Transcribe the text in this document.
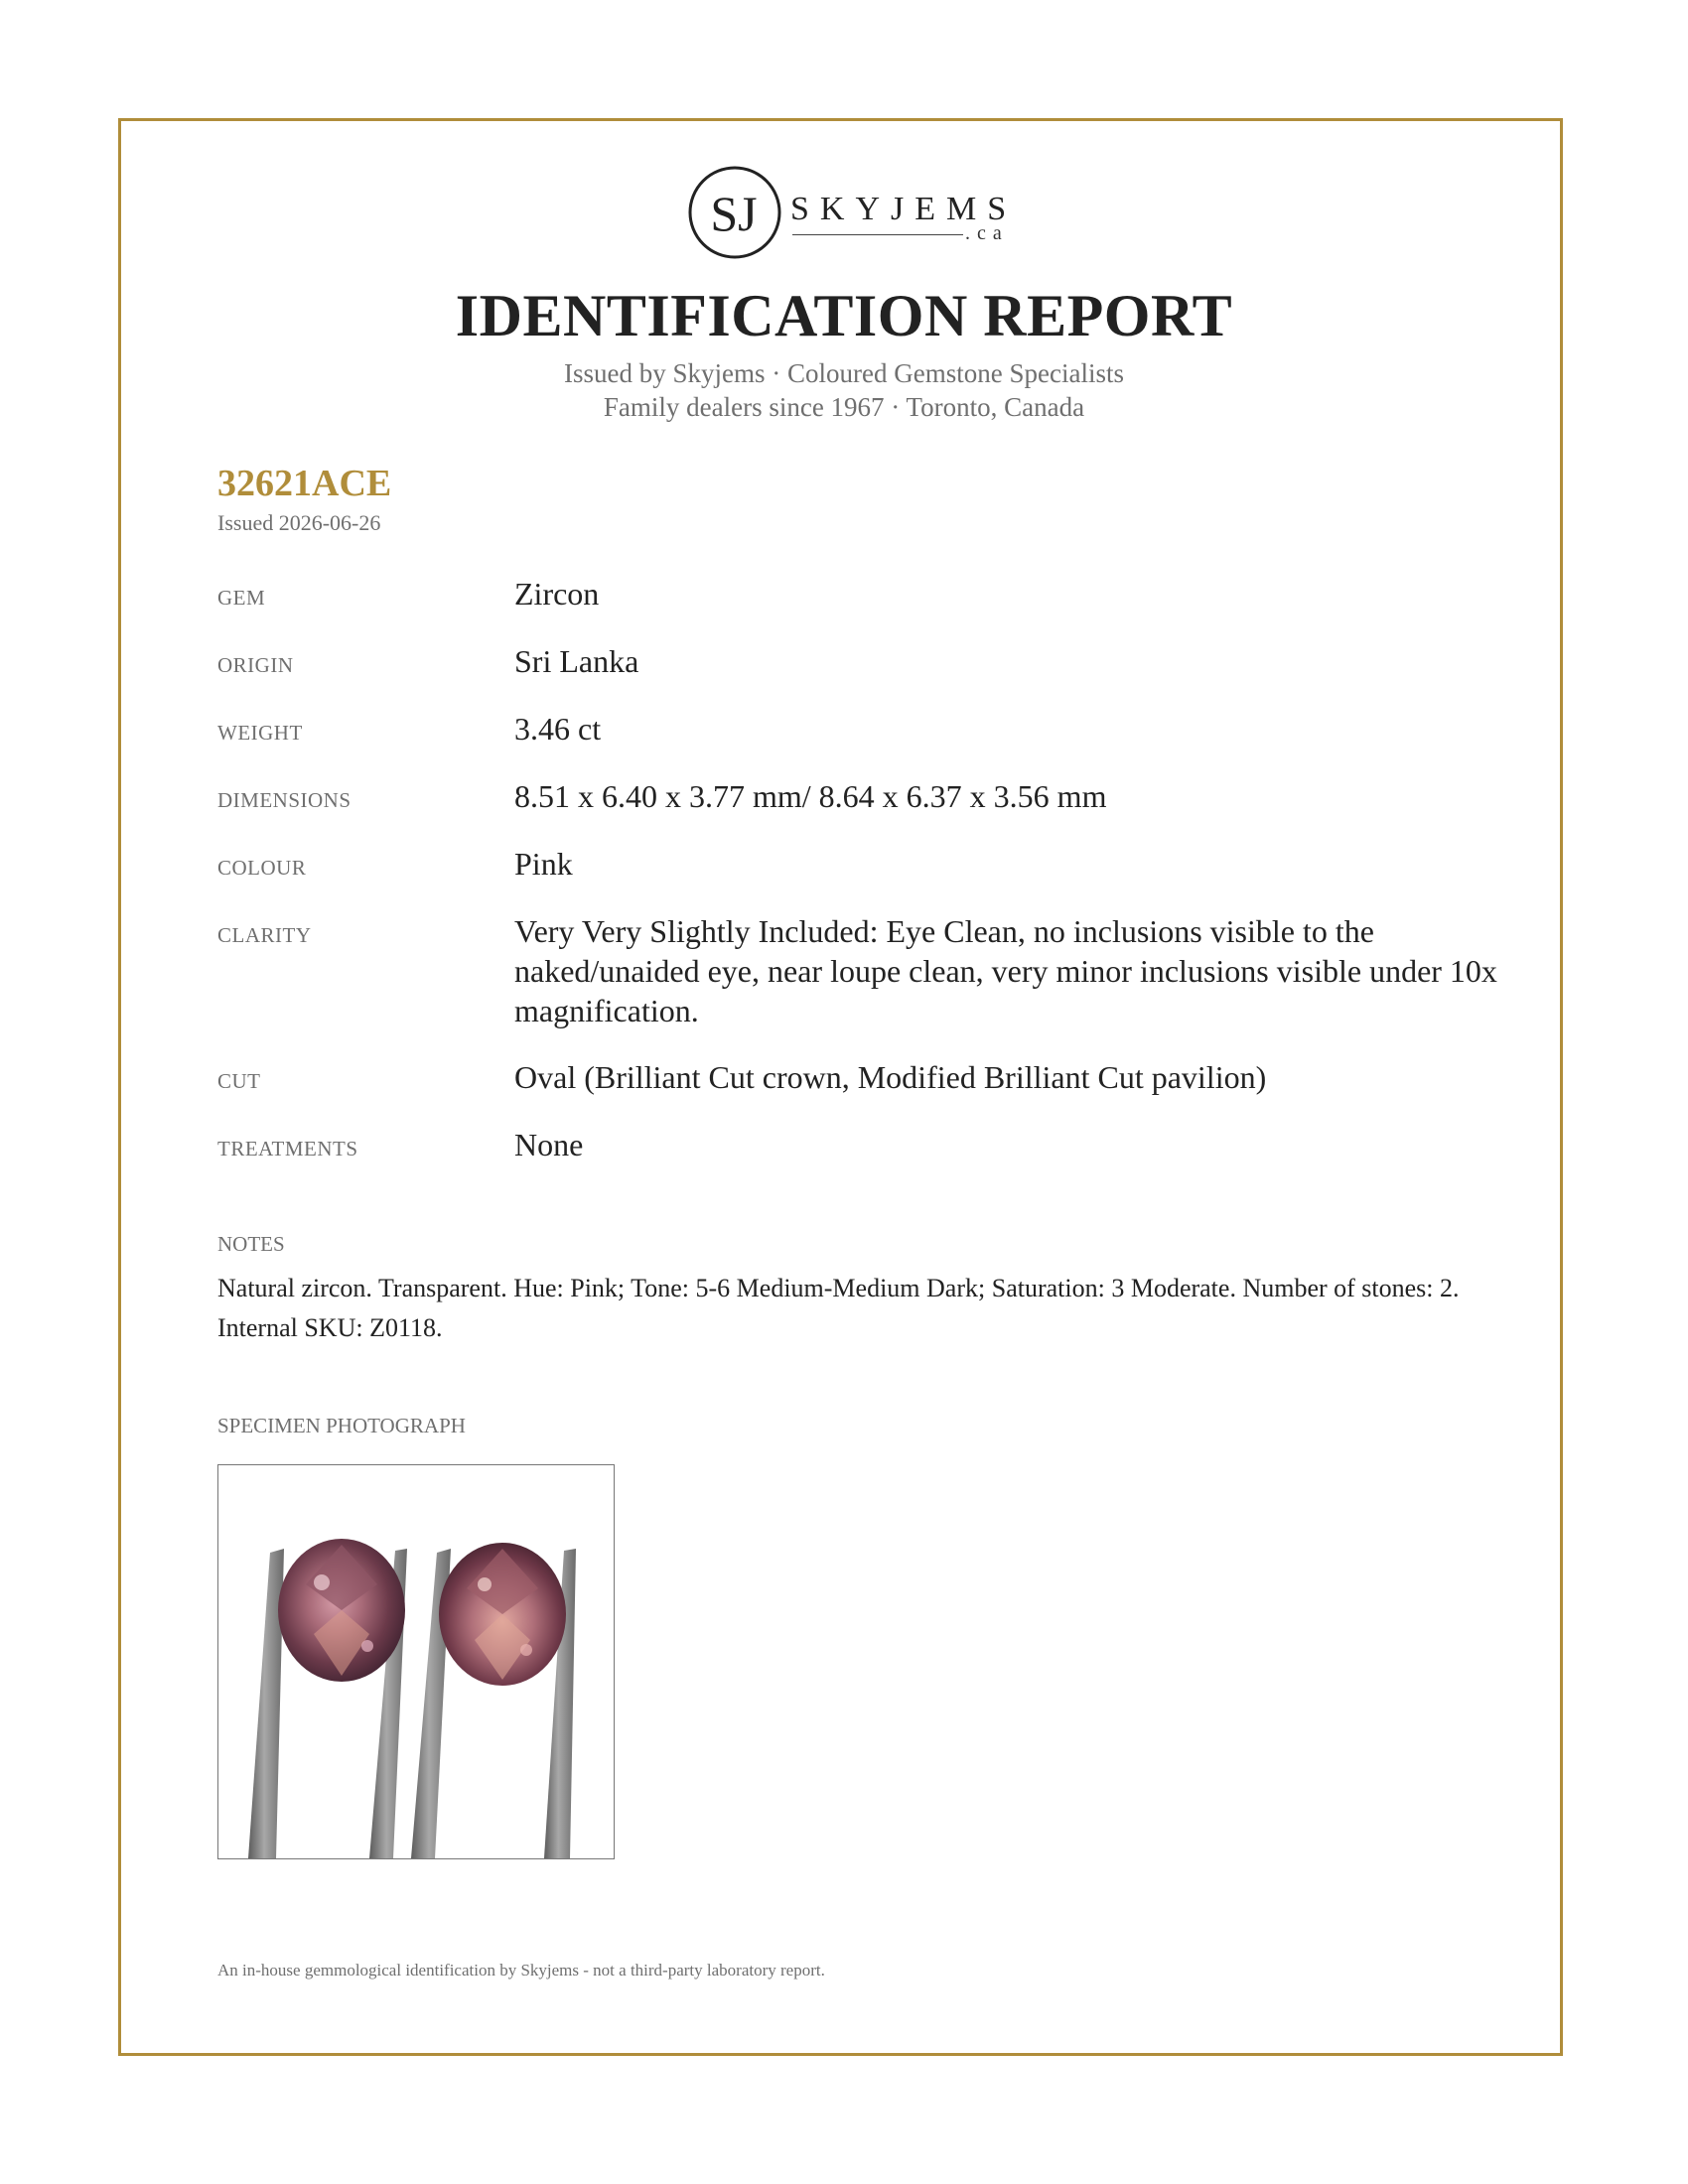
SJ SKYJEMS
.ca
IDENTIFICATION REPORT
Issued by Skyjems · Coloured Gemstone Specialists
Family dealers since 1967 · Toronto, Canada
32621ACE
Issued 2026-06-26
GEM	Zircon
ORIGIN	Sri Lanka
WEIGHT	3.46 ct
DIMENSIONS	8.51 x 6.40 x 3.77 mm/ 8.64 x 6.37 x 3.56 mm
COLOUR	Pink
CLARITY	Very Very Slightly Included: Eye Clean, no inclusions visible to the naked/unaided eye, near loupe clean, very minor inclusions visible under 10x magnification.
CUT	Oval (Brilliant Cut crown, Modified Brilliant Cut pavilion)
TREATMENTS	None
NOTES
Natural zircon. Transparent. Hue: Pink; Tone: 5-6 Medium-Medium Dark; Saturation: 3 Moderate. Number of stones: 2. Internal SKU: Z0118.
SPECIMEN PHOTOGRAPH
An in-house gemmological identification by Skyjems - not a third-party laboratory report.
